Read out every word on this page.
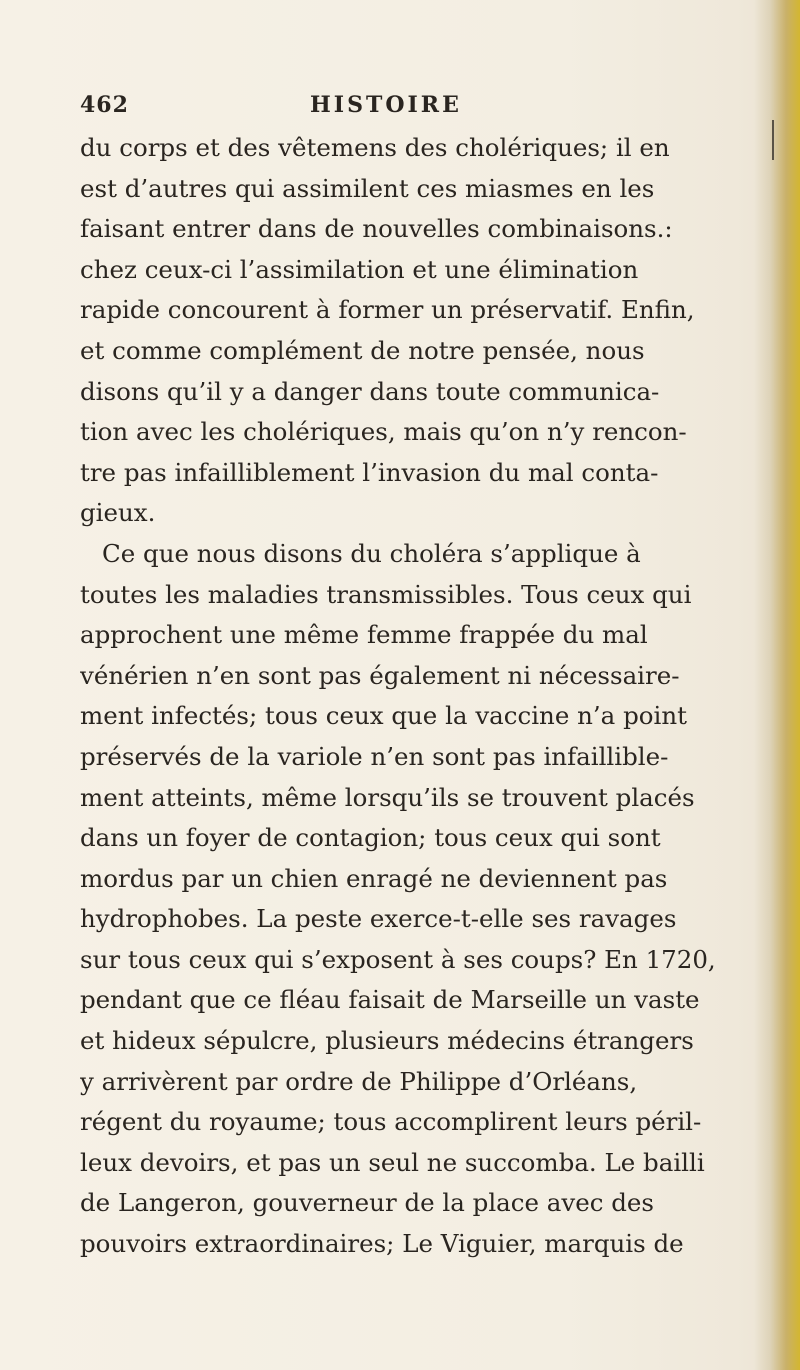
462	HISTOIRE
du corps et des vêtemens des cholériques; il en
est d’autres qui assimilent ces miasmes en les
faisant entrer dans de nouvelles combinaisons.:
chez ceux-ci l’assimilation et une élimination
rapide concourent à former un préservatif. Enfin,
et comme complément de notre pensée, nous
disons qu’il y a danger dans toute communica-
tion avec les cholériques, mais qu’on n’y rencon-
tre pas infailliblement l’invasion du mal conta-
gieux.
Ce que nous disons du choléra s’applique à
toutes les maladies transmissibles. Tous ceux qui
approchent une même femme frappée du mal
vénérien n’en sont pas également ni nécessaire-
ment infectés; tous ceux que la vaccine n’a point
préservés de la variole n’en sont pas infaillible-
ment atteints, même lorsqu’ils se trouvent placés
dans un foyer de contagion; tous ceux qui sont
mordus par un chien enragé ne deviennent pas
hydrophobes. La peste exerce-t-elle ses ravages
sur tous ceux qui s’exposent à ses coups? En 1720,
pendant que ce fléau faisait de Marseille un vaste
et hideux sépulcre, plusieurs médecins étrangers
y arrivèrent par ordre de Philippe d’Orléans,
régent du royaume; tous accomplirent leurs péril-
leux devoirs, et pas un seul ne succomba. Le bailli
de Langeron, gouverneur de la place avec des
pouvoirs extraordinaires; Le Viguier, marquis de
